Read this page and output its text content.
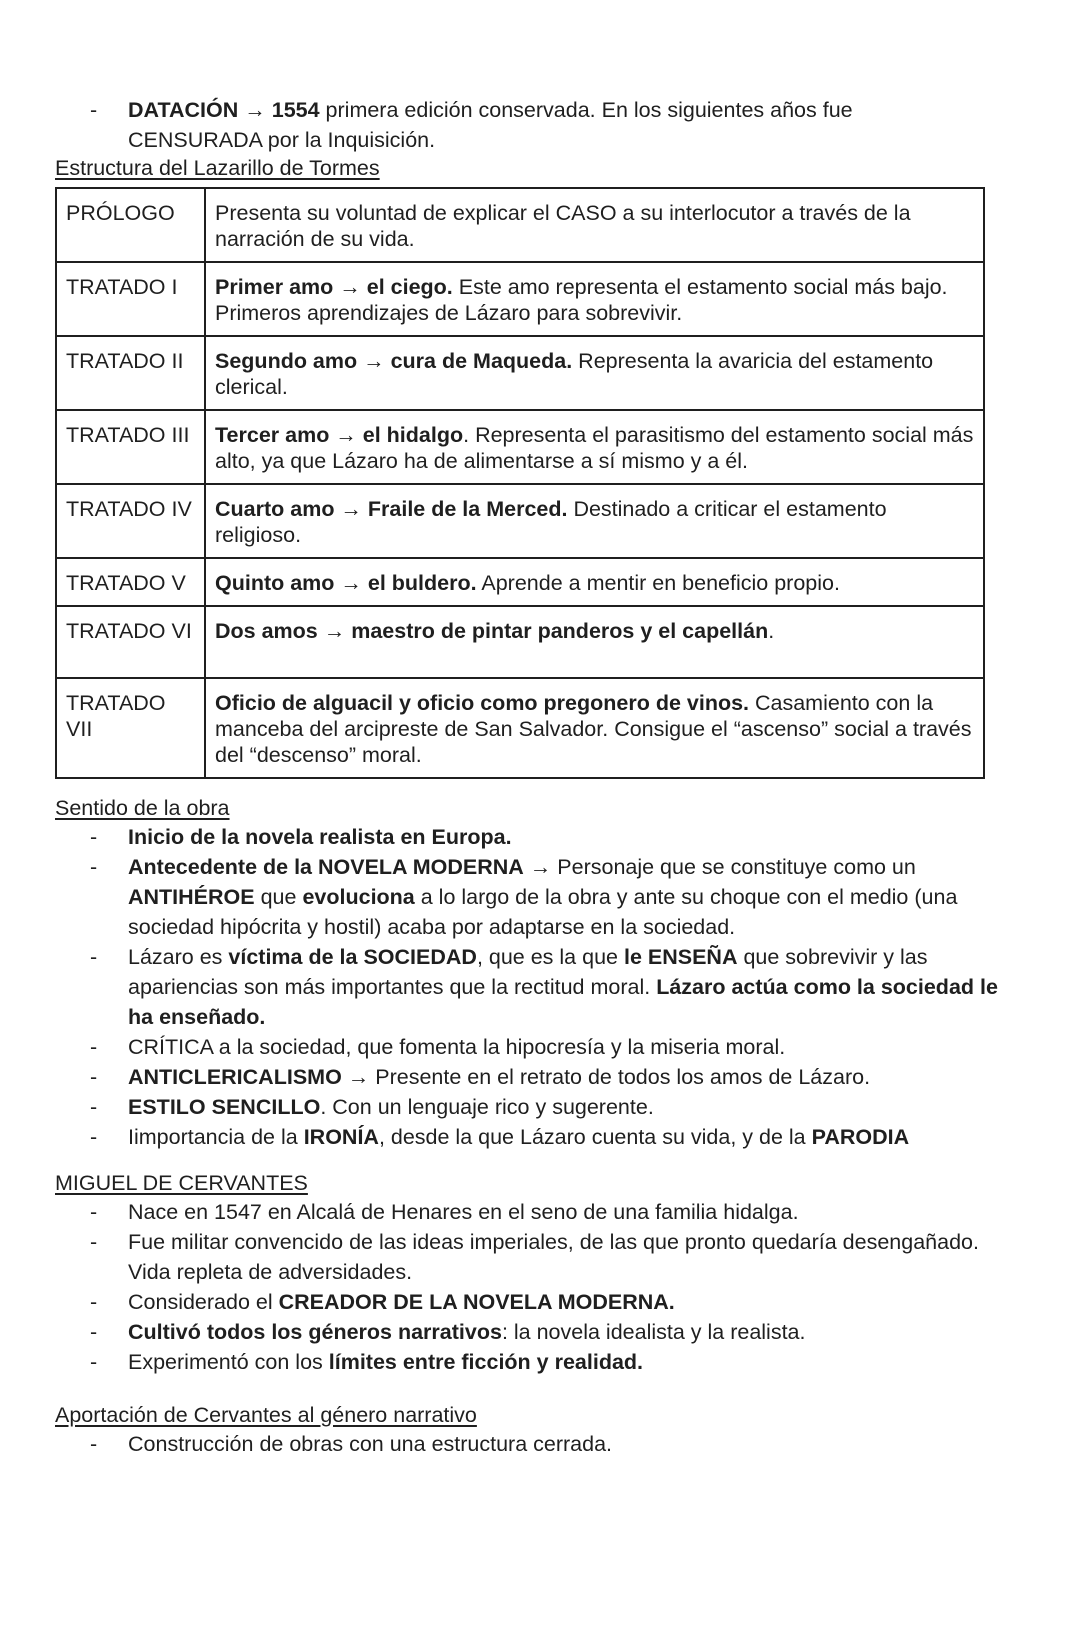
- DATACIÓN → 1554 primera edición conservada. En los siguientes años fue CENSURADA por la Inquisición.
Estructura del Lazarillo de Tormes
PRÓLOGO	Presenta su voluntad de explicar el CASO a su interlocutor a través de la narración de su vida.
TRATADO I	Primer amo → el ciego. Este amo representa el estamento social más bajo. Primeros aprendizajes de Lázaro para sobrevivir.
TRATADO II	Segundo amo → cura de Maqueda. Representa la avaricia del estamento clerical.
TRATADO III	Tercer amo → el hidalgo. Representa el parasitismo del estamento social más alto, ya que Lázaro ha de alimentarse a sí mismo y a él.
TRATADO IV	Cuarto amo → Fraile de la Merced. Destinado a criticar el estamento religioso.
TRATADO V	Quinto amo → el buldero. Aprende a mentir en beneficio propio.
TRATADO VI	Dos amos → maestro de pintar panderos y el capellán.
TRATADO VII	Oficio de alguacil y oficio como pregonero de vinos. Casamiento con la manceba del arcipreste de San Salvador. Consigue el “ascenso” social a través del “descenso” moral.
Sentido de la obra
- Inicio de la novela realista en Europa.
- Antecedente de la NOVELA MODERNA → Personaje que se constituye como un ANTIHÉROE que evoluciona a lo largo de la obra y ante su choque con el medio (una sociedad hipócrita y hostil) acaba por adaptarse en la sociedad.
- Lázaro es víctima de la SOCIEDAD, que es la que le ENSEÑA que sobrevivir y las apariencias son más importantes que la rectitud moral. Lázaro actúa como la sociedad le ha enseñado.
- CRÍTICA a la sociedad, que fomenta la hipocresía y la miseria moral.
- ANTICLERICALISMO → Presente en el retrato de todos los amos de Lázaro.
- ESTILO SENCILLO. Con un lenguaje rico y sugerente.
- Iimportancia de la IRONÍA, desde la que Lázaro cuenta su vida, y de la PARODIA
MIGUEL DE CERVANTES
- Nace en 1547 en Alcalá de Henares en el seno de una familia hidalga.
- Fue militar convencido de las ideas imperiales, de las que pronto quedaría desengañado. Vida repleta de adversidades.
- Considerado el CREADOR DE LA NOVELA MODERNA.
- Cultivó todos los géneros narrativos: la novela idealista y la realista.
- Experimentó con los límites entre ficción y realidad.
Aportación de Cervantes al género narrativo
- Construcción de obras con una estructura cerrada.
